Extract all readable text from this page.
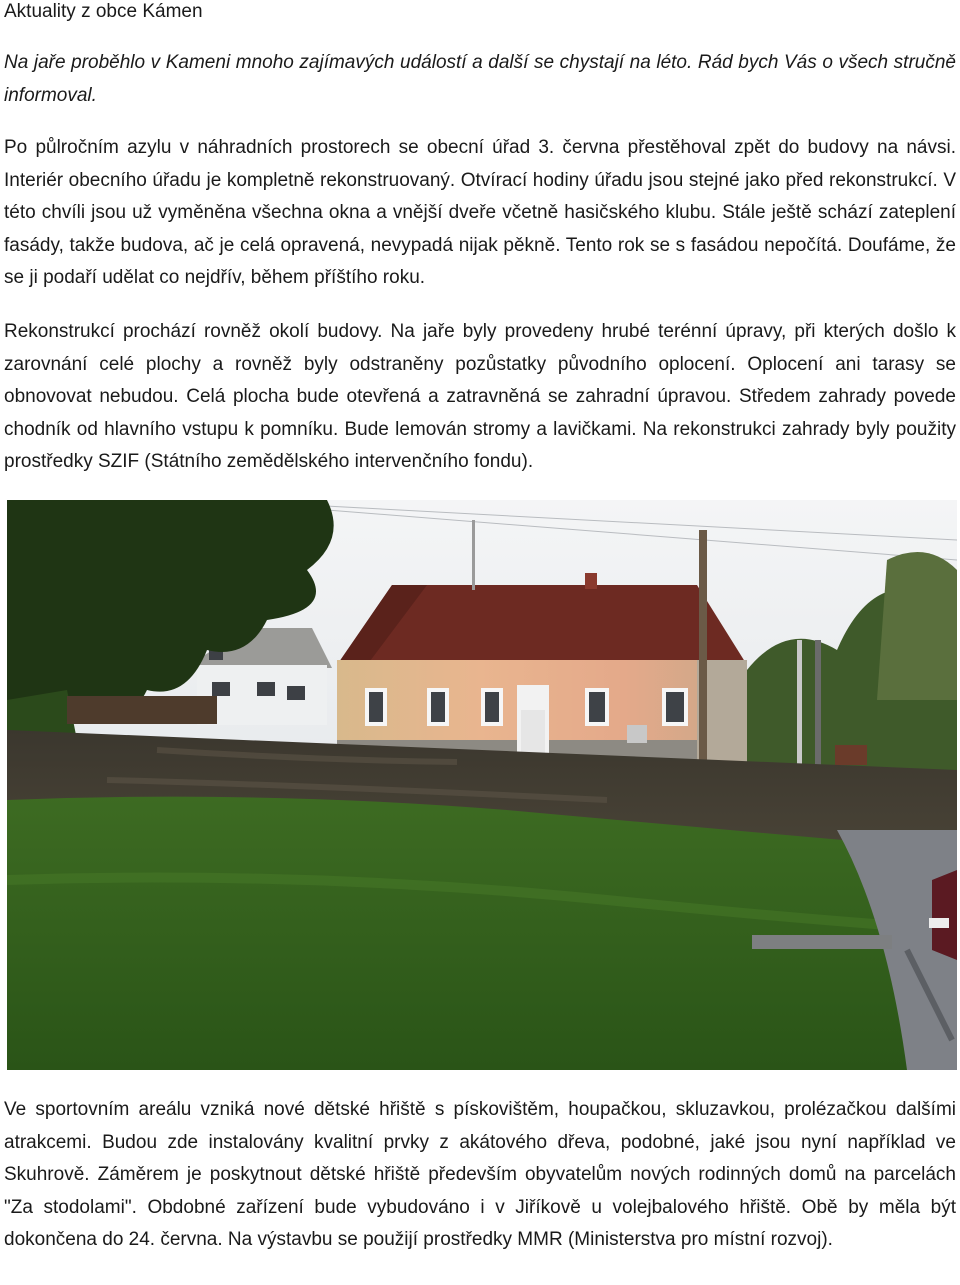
Aktuality z obce Kámen

Na jaře proběhlo v Kameni mnoho zajímavých událostí a další se chystají na léto. Rád bych Vás o všech stručně informoval.

Po půlročním azylu v náhradních prostorech se obecní úřad 3. června přestěhoval zpět do budovy na návsi. Interiér obecního úřadu je kompletně rekonstruovaný. Otvírací hodiny úřadu jsou stejné jako před rekonstrukcí. V této chvíli jsou už vyměněna všechna okna a vnější dveře včetně hasičského klubu. Stále ještě schází zateplení fasády, takže budova, ač je celá opravená, nevypadá nijak pěkně. Tento rok se s fasádou nepočítá. Doufáme, že se ji podaří udělat co nejdřív, během příštího roku.

Rekonstrukcí prochází rovněž okolí budovy. Na jaře byly provedeny hrubé terénní úpravy, při kterých došlo k zarovnání celé plochy a rovněž byly odstraněny pozůstatky původního oplocení. Oplocení ani tarasy se obnovovat nebudou. Celá plocha bude otevřená a zatravněná se zahradní úpravou. Středem zahrady povede chodník od hlavního vstupu k pomníku. Bude lemován stromy a lavičkami. Na rekonstrukci zahrady byly použity prostředky SZIF (Státního zemědělského intervenčního fondu).

Ve sportovním areálu vzniká nové dětské hřiště s pískovištěm, houpačkou, skluzavkou, prolézačkou dalšími atrakcemi. Budou zde instalovány kvalitní prvky z akátového dřeva, podobné, jaké jsou nyní například ve Skuhrově. Záměrem je poskytnout dětské hřiště především obyvatelům nových rodinných domů na parcelách "Za stodolami". Obdobné zařízení bude vybudováno i v Jiříkově u volejbalového hřiště. Obě by měla být dokončena do 24. června. Na výstavbu se použijí prostředky MMR (Ministerstva pro místní rozvoj).
